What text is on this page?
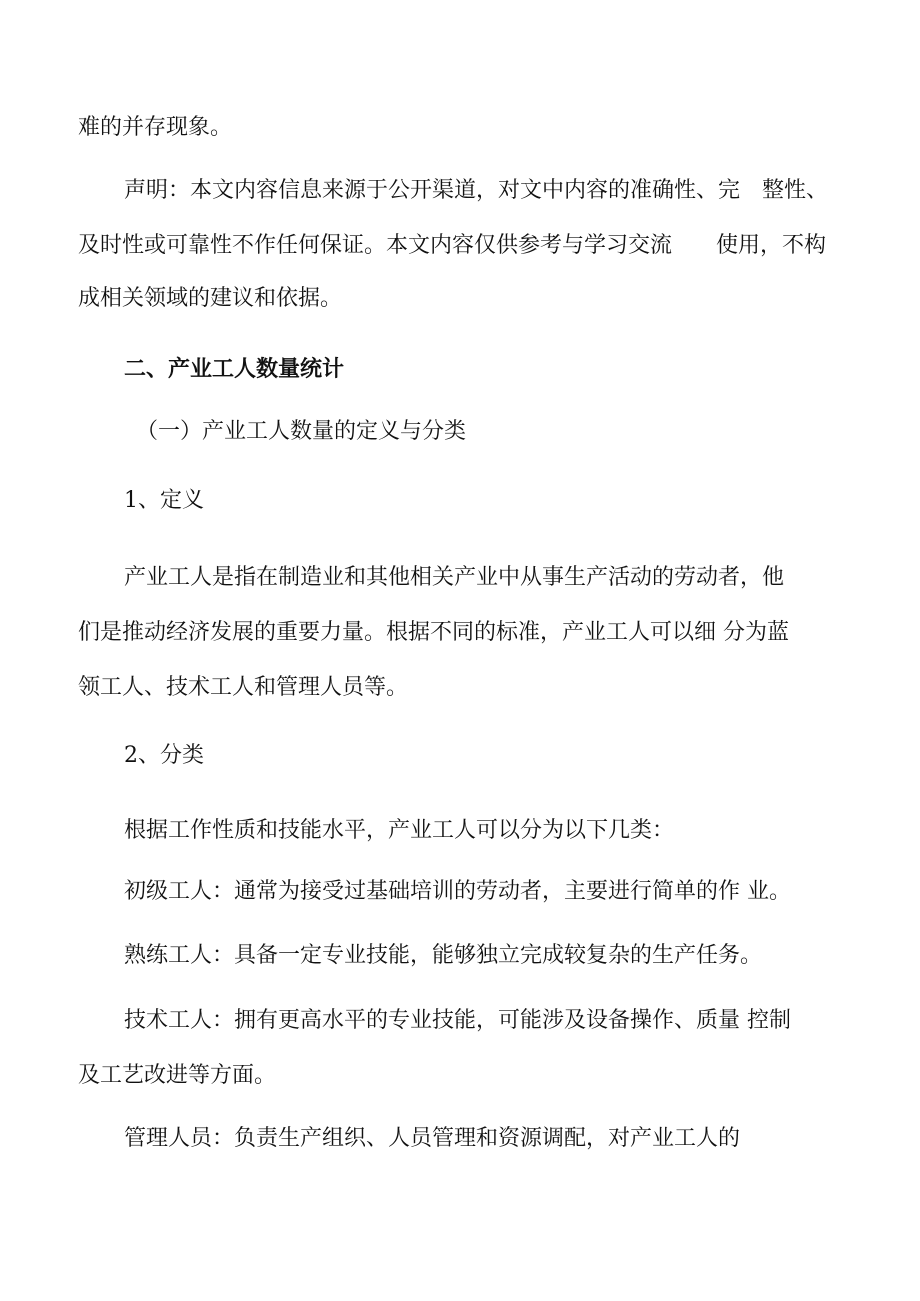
难的并存现象。

声明：本文内容信息来源于公开渠道，对文中内容的准确性、完　整性、

及时性或可靠性不作任何保证。本文内容仅供参考与学习交流　　使用，不构

成相关领域的建议和依据。

二、产业工人数量统计

（一）产业工人数量的定义与分类

1、定义

产业工人是指在制造业和其他相关产业中从事生产活动的劳动者，他

们是推动经济发展的重要力量。根据不同的标准，产业工人可以细 分为蓝

领工人、技术工人和管理人员等。

2、分类

根据工作性质和技能水平，产业工人可以分为以下几类：

初级工人：通常为接受过基础培训的劳动者，主要进行简单的作 业。

熟练工人：具备一定专业技能，能够独立完成较复杂的生产任务。

技术工人：拥有更高水平的专业技能，可能涉及设备操作、质量 控制

及工艺改进等方面。

管理人员：负责生产组织、人员管理和资源调配，对产业工人的
